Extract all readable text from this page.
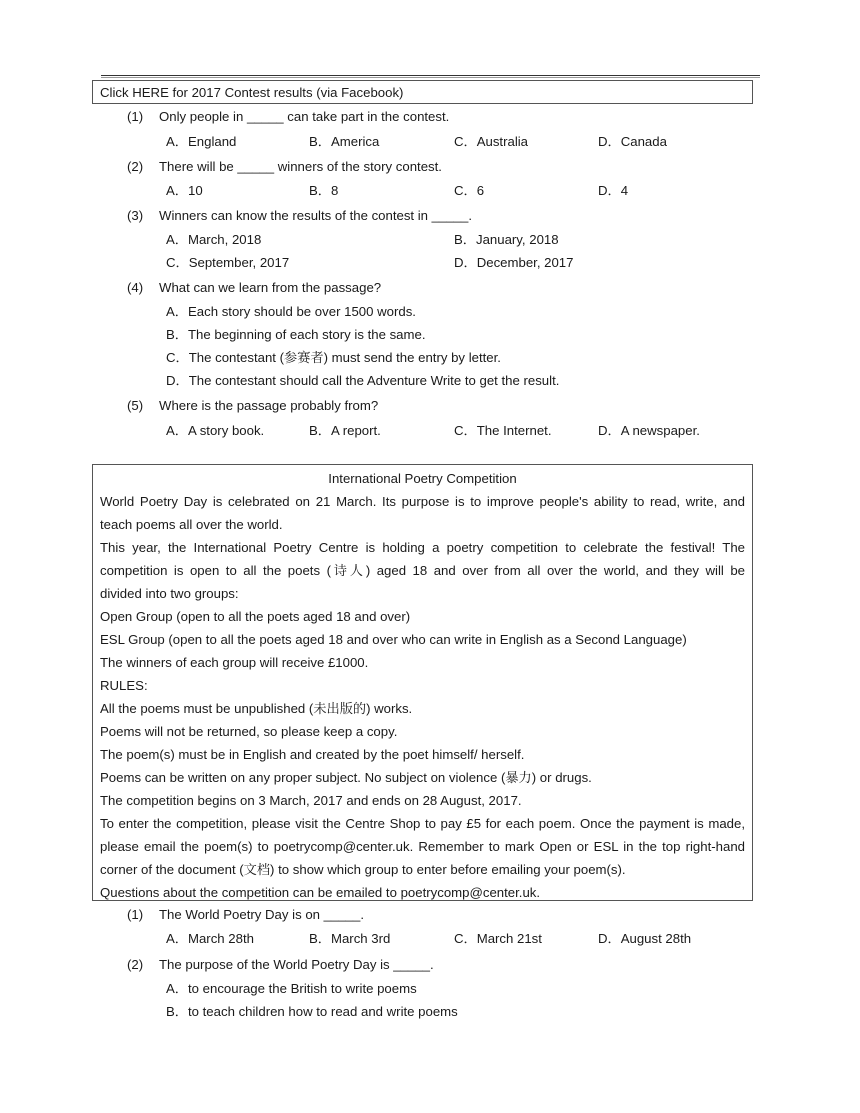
Click HERE for 2017 Contest results (via Facebook)
(1) Only people in _____ can take part in the contest.
A．England	B．America	C．Australia	D．Canada
(2) There will be _____ winners of the story contest.
A．10	B．8	C．6	D．4
(3) Winners can know the results of the contest in _____.
A．March, 2018	B．January, 2018
C．September, 2017	D．December, 2017
(4) What can we learn from the passage?
A．Each story should be over 1500 words.
B．The beginning of each story is the same.
C．The contestant (参赛者) must send the entry by letter.
D．The contestant should call the Adventure Write to get the result.
(5) Where is the passage probably from?
A．A story book.	B．A report.	C．The Internet.	D．A newspaper.
International Poetry Competition
World Poetry Day is celebrated on 21 March. Its purpose is to improve people's ability to read, write, and
teach poems all over the world.
This year, the International Poetry Centre is holding a poetry competition to celebrate the festival! The
competition is open to all the poets (诗人) aged 18 and over from all over the world, and they will be
divided into two groups:
Open Group (open to all the poets aged 18 and over)
ESL Group (open to all the poets aged 18 and over who can write in English as a Second Language)
The winners of each group will receive £1000.
RULES:
All the poems must be unpublished (未出版的) works.
Poems will not be returned, so please keep a copy.
The poem(s) must be in English and created by the poet himself/ herself.
Poems can be written on any proper subject. No subject on violence (暴力) or drugs.
The competition begins on 3 March, 2017 and ends on 28 August, 2017.
To enter the competition, please visit the Centre Shop to pay £5 for each poem. Once the payment is made,
please email the poem(s) to poetrycomp@center.uk. Remember to mark Open or ESL in the top right-hand
corner of the document (文档) to show which group to enter before emailing your poem(s).
Questions about the competition can be emailed to poetrycomp@center.uk.
(1) The World Poetry Day is on _____.
A．March 28th	B．March 3rd	C．March 21st	D．August 28th
(2) The purpose of the World Poetry Day is _____.
A．to encourage the British to write poems
B．to teach children how to read and write poems
